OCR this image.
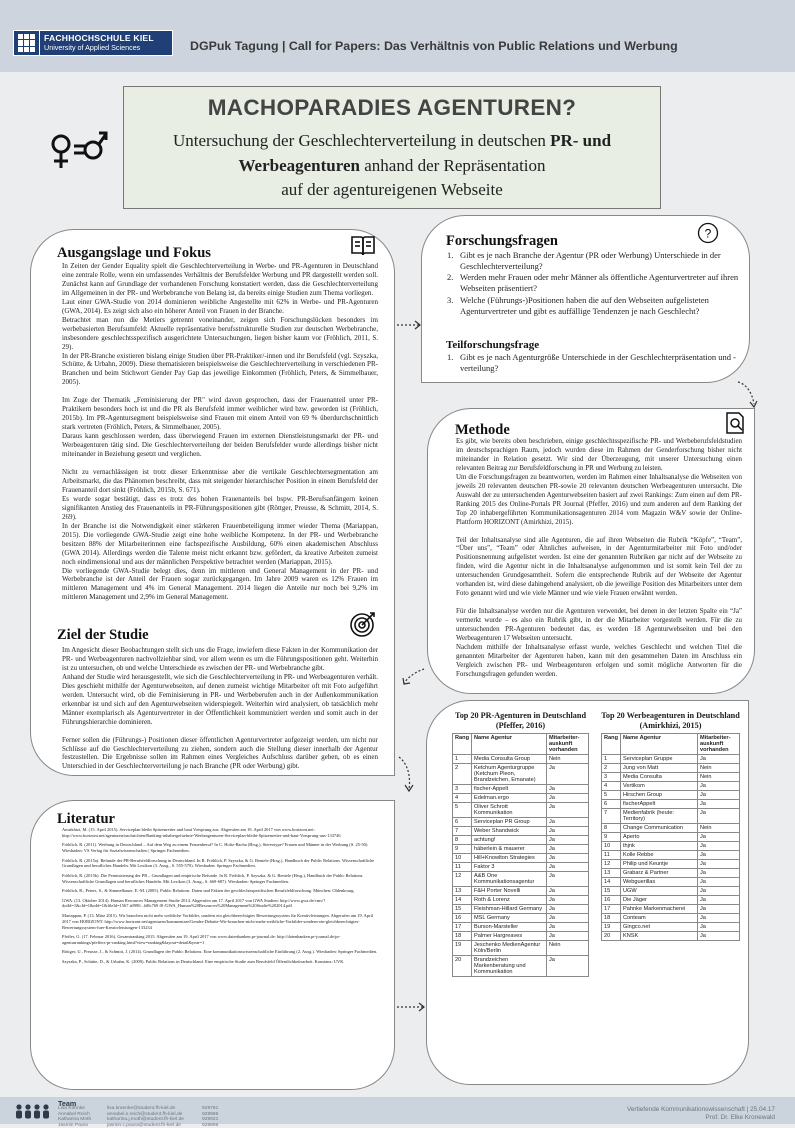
FACHHOCHSCHULE KIEL
University of Applied Sciences	DGPuk Tagung | Call for Papers: Das Verhältnis von Public Relations und Werbung
MACHOPARADIES AGENTUREN?
Untersuchung der Geschlechterverteilung in deutschen PR- und
Werbeagenturen anhand der Repräsentation
auf der agentureigenen Webseite
Ausgangslage und Fokus

In Zeiten der Gender Equality spielt die Geschlechterverteilung in Werbe- und PR-Agenturen in Deutschland eine zentrale Rolle, wenn ein umfassendes Verhältnis der Berufsfelder Werbung und PR dargestellt werden soll. Zunächst kann auf Grundlage der vorhandenen Forschung konstatiert werden, dass die Geschlechterverteilung im Allgemeinen in der PR- und Werbebranche von Belang ist, da bereits einige Studien zum Thema vorliegen.

Laut einer GWA-Studie von 2014 dominieren weibliche Angestellte mit 62% in Werbe- und PR-Agenturen (GWA, 2014). Es zeigt sich also ein höherer Anteil von Frauen in der Branche.

Betrachtet man nun die Metiers getrennt voneinander, zeigen sich Forschungslücken besonders im werbebasierten Berufsumfeld: Aktuelle repräsentative berufsstrukturelle Studien zur deutschen Werbebranche, insbesondere geschlechtsspezifisch ausgerichtete Untersuchungen, liegen bisher kaum vor (Fröhlich, 2011, S. 29).

In der PR-Branche existieren bislang einige Studien über PR-Praktiker/-innen und ihr Berufsfeld (vgl. Szyszka, Schütte, & Urbahn, 2009). Diese thematisieren beispielsweise die Geschlechterverteilung in verschiedenen PR-Branchen und beim Stichwort Gender Pay Gap das jeweilige Einkommen (Fröhlich, Peters, & Simmelbauer, 2005).

Im Zuge der Thematik „Feminisierung der PR" wird davon gesprochen, dass der Frauenanteil unter PR-Praktikern besonders hoch ist und die PR als Berufsfeld immer weiblicher wird bzw. geworden ist (Fröhlich, 2015b). Im PR-Agentursegment beispielsweise sind Frauen mit einem Anteil von 69 % überdurchschnittlich stark vertreten (Fröhlich, Peters, & Simmelbauer, 2005).

Daraus kann geschlossen werden, dass überwiegend Frauen im externen Dienstleistungsmarkt der PR- und Werbeagenturen tätig sind. Die Geschlechterverteilung der beiden Berufsfelder wurde allerdings bisher nicht miteinander in Beziehung gesetzt und verglichen.

Nicht zu vernachlässigen ist trotz dieser Erkenntnisse aber die vertikale Geschlechtersegmentation am Arbeitsmarkt, die das Phänomen beschreibt, dass mit steigender hierarchischer Position in einem Berufsfeld der Frauenanteil dort sinkt (Fröhlich, 2015b, S. 671).

Es wurde sogar bestätigt, dass es trotz des hohen Frauenanteils bei bspw. PR-Berufsanfängern keinen signifikanten Anstieg des Frauenanteils in PR-Führungspositionen gibt (Röttger, Preusse, & Schmitt, 2014, S. 269).

In der Branche ist die Notwendigkeit einer stärkeren Frauenbeteiligung immer wieder Thema (Mariappan, 2015). Die vorliegende GWA-Studie zeigt eine hohe weibliche Kompetenz. In der PR- und Werbebranche besitzen 88% der Mitarbeiterinnen eine fachspezifische Ausbildung, 60% einen akademischen Abschluss (GWA 2014). Allerdings werden die Talente meist nicht erkannt bzw. gefördert, da kreative Arbeiten zumeist noch eindimensional und aus der männlichen Perspektive betrachtet werden (Mariappan, 2015).

Die vorliegende GWA-Studie belegt dies, denn im mittleren und General Management in der PR- und Werbebranche ist der Anteil der Frauen sogar zurückgegangen. Im Jahre 2009 waren es 12% Frauen im mittleren Management und 4% im General Management. 2014 liegen die Anteile nur noch bei 9,2% im mittleren Management und 2,9% im General Management.

Ziel der Studie

Im Angesicht dieser Beobachtungen stellt sich uns die Frage, inwiefern diese Fakten in der Kommunikation der PR- und Werbeagenturen nachvollziehbar sind, vor allem wenn es um die Führungspositionen geht. Weiterhin ist zu untersuchen, ob und welche Unterschiede es zwischen der PR- und Werbebranche gibt.

Anhand der Studie wird herausgestellt, wie sich die Geschlechterverteilung in PR- und Werbeagenturen verhält. Dies geschieht mithilfe der Agenturwebseiten, auf denen zumeist wichtige Mitarbeiter oft mit Foto aufgeführt werden. Untersucht wird, ob die Feminisierung in PR- und Werbeberufen auch in der Außenkommunikation erkennbar ist und sich auf den Agenturwebseiten widerspiegelt. Weiterhin wird analysiert, ob tatsächlich mehr Männer exemplarisch als Agenturvertreter in der Öffentlichkeit kommuniziert werden und somit auch in der Führungshierarchie dominieren.

Ferner sollen die (Führungs-) Positionen dieser öffentlichen Agenturvertreter aufgezeigt werden, um nicht nur Schlüsse auf die Geschlechterverteilung zu ziehen, sondern auch die Stellung dieser innerhalb der Agentur festzustellen. Die Ergebnisse sollen im Rahmen eines Vergleiches Aufschluss darüber geben, ob es einen Unterschied in der Geschlechterverteilung je nach Branche (PR oder Werbung) gibt.

Forschungsfragen	?
1. Gibt es je nach Branche der Agentur (PR oder Werbung) Unterschiede in der Geschlechterverteilung?
2. Werden mehr Frauen oder mehr Männer als öffentliche Agenturvertreter auf ihren Webseiten präsentiert?
3. Welche (Führungs-)Positionen haben die auf den Webseiten aufgelisteten Agenturvertreter und gibt es auffällige Tendenzen je nach Geschlecht?
Teilforschungsfrage
1. Gibt es je nach Agenturgröße Unterschiede in der Geschlechterpräsentation und -verteilung?
Methode

Es gibt, wie bereits oben beschrieben, einige geschlechtsspezifische PR- und Werbeberufsfeldstudien im deutschsprachigen Raum, jedoch wurden diese im Rahmen der Genderforschung bisher nicht miteinander in Relation gesetzt. Wir sind der Überzeugung, mit unserer Untersuchung einen relevanten Beitrag zur Berufsfeldforschung in PR und Werbung zu leisten.

Um die Forschungsfragen zu beantworten, werden im Rahmen einer Inhaltsanalyse die Webseiten von jeweils 20 relevanten deutschen PR-sowie 20 relevanten deutschen Werbeagenturen untersucht. Die Auswahl der zu untersuchenden Agenturwebseiten basiert auf zwei Rankings: Zum einen auf dem PR-Ranking 2015 des Online-Portals PR Journal (Pfeffer, 2016) und zum anderen auf dem Ranking der Top 20 inhabergeführten Kommunikationsagenturen 2014 vom Magazin W&V sowie der Online-Plattform HORIZONT (Amirkhizi, 2015).

Teil der Inhaltsanalyse sind alle Agenturen, die auf ihren Webseiten die Rubrik “Köpfe”, “Team”, “Über uns”, “Team” oder Ähnliches aufweisen, in der Agenturmitarbeiter mit Foto und/oder Positionsnennung aufgelistet werden. Ist eine der genannten Rubriken gar nicht auf der Webseite zu finden, wird die Agentur nicht in die Inhaltsanalyse aufgenommen und ist somit kein Teil der zu untersuchenden Grundgesamtheit. Sofern die entsprechende Rubrik auf der Webseite der Agentur vorhanden ist, wird diese dahingehend analysiert, ob die jeweilige Position des Mitarbeiters unter dem Foto genannt wird und wie viele Männer und wie viele Frauen erwähnt werden.

Für die Inhaltsanalyse werden nur die Agenturen verwendet, bei denen in der letzten Spalte ein “Ja” vermerkt wurde – es also ein Rubrik gibt, in der die Mitarbeiter vorgestellt werden. Für die zu untersuchenden PR-Agenturen bedeutet das, es werden 18 Agenturwebseiten und bei den Werbeagenturen 17 Webseiten untersucht.

Nachdem mithilfe der Inhaltsanalyse erfasst wurde, welches Geschlecht und welchen Titel die genannten Mitarbeiter der Agenturen haben, kann mit den gesammelten Daten im Anschluss ein Vergleich zwischen PR- und Werbeagenturen erfolgen und somit mögliche Antworten für die Forschungsfragen gefunden werden.

Literatur

Amirkhizi, M. (15. April 2015). Serviceplan bleibt Spitzenreiter und baut Vorsprung aus. Abgerufen am 19. April 2017 von www.horizont.net: http://www.horizont.net/agenturen/nachrichten/Ranking-inhabergefuehrte-Werbeagenturen-Serviceplan-bleibt-Spitzenreiter-und-baut-Vorsprung-aus-133746

Fröhlich, R. (2011). Werbung in Deutschland – Auf dem Weg zu einem Frauenberuf? In C. Holtz-Bacha (Hrsg.), Stereotype? Frauen und Männer in der Werbung (S. 25-50). Wiesbaden: VS Verlag für Sozialwissenschaften | Springer Fachmedien.

Fröhlich, R. (2015a). Befunde der PR-Berufsfeldforschung in Deutschland. In R. Fröhlich, P. Szyszka, & G. Bentele (Hrsg.), Handbuch der Public Relations. Wissenschaftliche Grundlagen und berufliches Handeln. Mit Lexikon (3. Ausg., S. 555-570). Wiesbaden: Springer Fachmedien.

Fröhlich, R. (2015b). Die Feminisierung der PR – Grundlagen und empirische Befunde. In R. Fröhlich, P. Szyszka, & G. Bentele (Hrsg.), Handbuch der Public Relations. Wissenschaftliche Grundlagen und berufliches Handeln. Mit Lexikon (3. Ausg., S. 669-687). Wiesbaden: Springer Fachmedien.

Fröhlich, R., Peters, S., & Simmelbauer, E.-M. (2005). Public Relations. Daten und Fakten der geschlechtsspezifischen Berufsfeldforschung. München: Oldenbourg.

GWA. (13. Oktober 2014). Human Resources Management Studie 2014. Abgerufen am 17. April 2017 von GWA Studien: http://www.gwa.de/cms/?dotId=1&cId=1&nId=1&fileId=1567 a0990...fd8c769 f8 /GWA_Human%20Resources%20Management%20Studie%202014.pdf

Mariappan, P. (13. März 2015). Wir brauchen nicht mehr weibliche Vorbilder, sondern ein gleichberechtigtes Bewertungssystem für Kreativleistungen. Abgerufen am 19. April 2017 von HORIZONT: http://www.horizont.net/agenturen/kommentare/Gender-Debatte-Wir-brauchen-nicht-mehr-weibliche-Vorbilder-sondern-ein-gleichberechtigtes-Bewertungssystem-fuer-Kreativleistungen-133234

Pfeffer, G. (17. Februar 2016). Gesamtranking 2015. Abgerufen am 19. April 2017 von www.datenbanken.pr-journal.de: http://datenbanken.pr-journal.de/pr-agenturrankings/pfeffers-pr-ranking.html?view=ranking&layout=detail&year=1

Röttger, U., Preusse, J., & Schmitt, J. (2014). Grundlagen der Public Relations. Eine kommunikationswissenschaftliche Einführung (2. Ausg.). Wiesbaden: Springer Fachmedien.

Szyszka, P., Schütte, D., & Urbahn, K. (2009). Public Relations in Deutschland. Eine empirische Studie zum Berufsfeld Öffentlichkeitsarbeit. Konstanz: UVK.

Top 20 PR-Agenturen in Deutschland (Pfeffer, 2016)
Rang	Name Agentur	Mitarbeiter-auskunft vorhanden
1	Media Consulta Group	Nein
2	Ketchum Agenturgruppe (Ketchum Pleon, Brandzeichen, Emanate)	Ja
3	fischer-Appelt	Ja
4	Edelman.ergo	Ja
5	Oliver Schrott Kommunikation	Ja
6	Serviceplan PR Group	Ja
7	Weber Shandwick	Ja
8	achtung!	Ja
9	häberlein & mauerer	Ja
10	Hill+Knowlton Strategies	Ja
11	Faktor 3	Ja
12	A&B One Kommunikationsagentur	Ja
13	F&H Porter Novelli	Ja
14	Roth & Lorenz	Ja
15	Fleishman-Hillard Germany	Ja
16	MSL Germany	Ja
17	Burson-Marsteller	Ja
18	Palmer Hargreaves	Ja
19	Jeschenko MedienAgentur Köln/Berlin	Nein
20	Brandzeichen Markenberatung und Kommunikation	Ja
Top 20 Werbeagenturen in Deutschland (Amirkhizi, 2015)
Rang	Name Agentur	Mitarbeiter-auskunft vorhanden
1	Serviceplan Gruppe	Ja
2	Jung von Matt	Nein
3	Media Consulta	Nein
4	Vertikom	Ja
5	Hirschen Group	Ja
6	fischerAppelt	Ja
7	Medienfabrik (heute: Territory)	Ja
8	Change Communication	Nein
9	Aperto	Ja
10	thjnk	Ja
11	Kolle Rebbe	Ja
12	Philip und Keuntje	Ja
13	Grabarz & Partner	Ja
14	Webguerillas	Ja
15	UGW	Ja
16	Die Jäger	Ja
17	Pahnke Markenmacherei	Ja
18	Conteam	Ja
19	Gingco.net	Ja
20	KNSK	Ja
Team
Lisa Köhnke
Annabel Reich
Katharina Moth
Jasmin Paura
lisa.kroenke@student.fh-kiel.de
annabel.s.reich@student.fh-kiel.de
katharina.j.moth@student.fh-kiel.de
jasmin.c.paura@student.fh-kiel.de
929781
929985
929921
929896
Vertiefende Kommunikationswissenschaft | 25.04.17
Prof. Dr. Elke Kronewald
